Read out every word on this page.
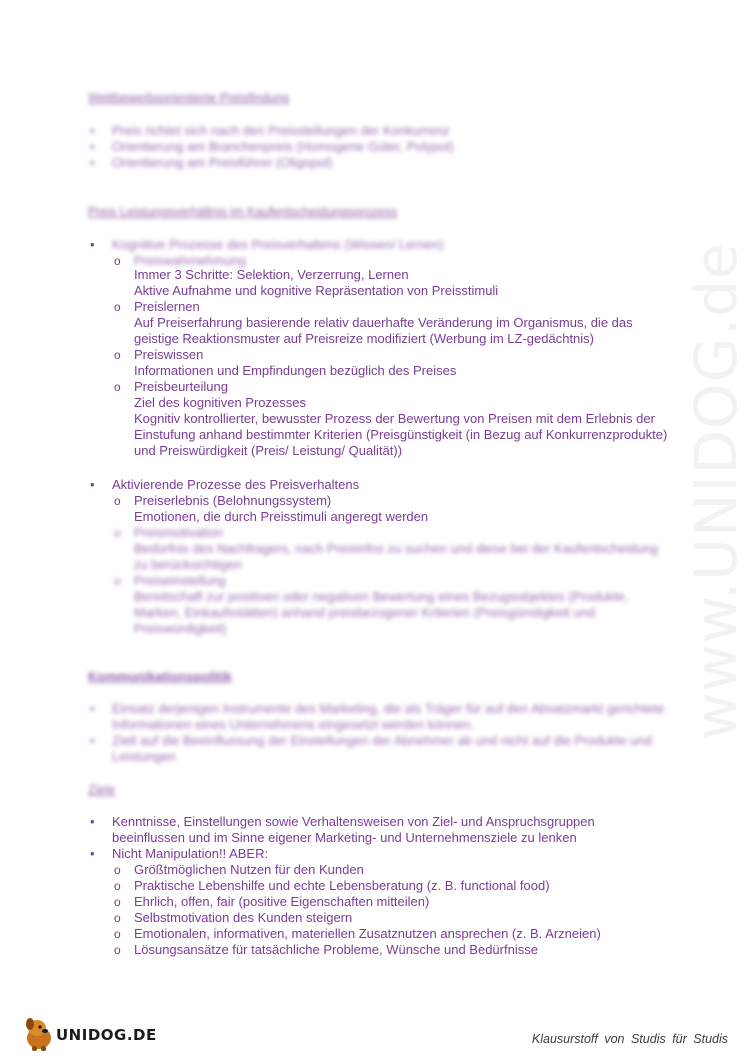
www.UNIDOG.de
Wettbewerbsorientierte Preisfindung
• Preis richtet sich nach den Preisstellungen der Konkurrenz
• Orientierung am Branchenpreis (Homogene Güter, Polypol)
• Orientierung am Preisführer (Oligopol)
Preis Leistungsverhältnis im Kaufentscheidungsprozess
• Kognitive Prozesse des Preisverhaltens (Wissen/ Lernen)
o Preiswahrnehmung
Immer 3 Schritte: Selektion, Verzerrung, Lernen
Aktive Aufnahme und kognitive Repräsentation von Preisstimuli
o Preislernen
Auf Preiserfahrung basierende relativ dauerhafte Veränderung im Organismus, die das geistige Reaktionsmuster auf Preisreize modifiziert (Werbung im LZ-gedächtnis)
o Preiswissen
Informationen und Empfindungen bezüglich des Preises
o Preisbeurteilung
Ziel des kognitiven Prozesses
Kognitiv kontrollierter, bewusster Prozess der Bewertung von Preisen mit dem Erlebnis der Einstufung anhand bestimmter Kriterien (Preisgünstigkeit (in Bezug auf Konkurrenzprodukte) und Preiswürdigkeit (Preis/ Leistung/ Qualität))
• Aktivierende Prozesse des Preisverhaltens
o Preiserlebnis (Belohnungssystem)
Emotionen, die durch Preisstimuli angeregt werden
o Preismotivation
Bedürfnis des Nachfragers, nach Preisinfos zu suchen und diese bei der Kaufentscheidung zu berücksichtigen
o Preiseinstellung
Bereitschaft zur positiven oder negativen Bewertung eines Bezugsobjektes (Produkte, Marken, Einkaufsstätten) anhand preisbezogener Kriterien (Preisgünstigkeit und Preiswürdigkeit)
Kommunikationspolitik
• Einsatz derjenigen Instrumente des Marketing, die als Träger für auf den Absatzmarkt gerichtete Informationen eines Unternehmens eingesetzt werden können.
• Zielt auf die Beeinflussung der Einstellungen der Abnehmer ab und nicht auf die Produkte und Leistungen
Ziele
• Kenntnisse, Einstellungen sowie Verhaltensweisen von Ziel- und Anspruchsgruppen beeinflussen und im Sinne eigener Marketing- und Unternehmensziele zu lenken
• Nicht Manipulation!! ABER:
o Größtmöglichen Nutzen für den Kunden
o Praktische Lebenshilfe und echte Lebensberatung (z. B. functional food)
o Ehrlich, offen, fair (positive Eigenschaften mitteilen)
o Selbstmotivation des Kunden steigern
o Emotionalen, informativen, materiellen Zusatznutzen ansprechen (z. B. Arzneien)
o Lösungsansätze für tatsächliche Probleme, Wünsche und Bedürfnisse
UNIDOG.DE	Klausurstoff von Studis für Studis
